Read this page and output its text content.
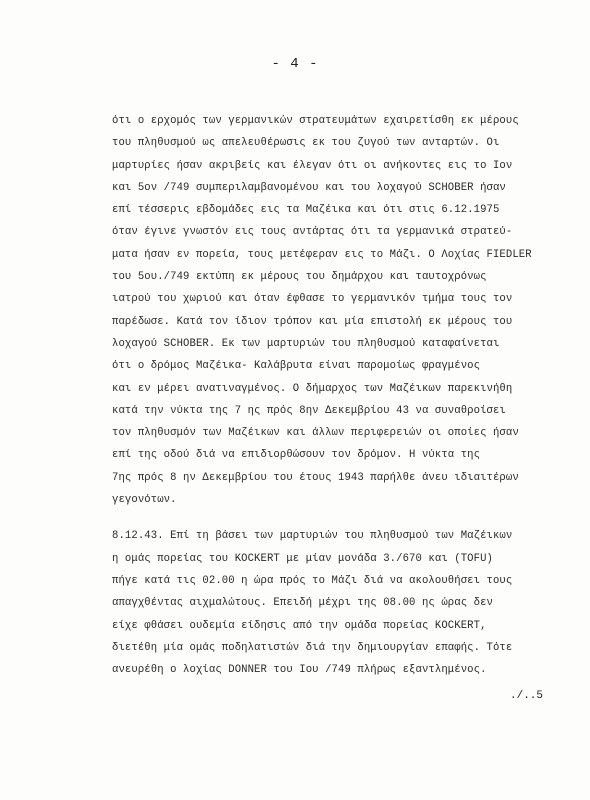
- 4 -
ότι ο ερχομός των γερμανικών στρατευμάτων εχαιρετίσθη εκ μέρους
του πληθυσμού ως απελευθέρωσις εκ του ζυγού των ανταρτών. Οι
μαρτυρίες ήσαν ακριβείς και έλεγαν ότι οι ανήκοντες εις το Ιον
και 5ον /749 συμπεριλαμβανομένου και του λοχαγού SCHOBER ήσαν
επί τέσσερις εβδομάδες εις τα Μαζέικα και ότι στις 6.12.1975
όταν έγινε γνωστόν εις τους αντάρτας ότι τα γερμανικά στρατεύ-
ματα ήσαν εν πορεία, τους μετέφεραν εις το Μάζι. Ο Λοχίας FIEDLER
του 5ου./749 εκτύπη εκ μέρους του δημάρχου και ταυτοχρόνως
ιατρού του χωριού και όταν έφθασε το γερμανικόν τμήμα τους τον
παρέδωσε. Κατά τον ίδιον τρόπον και μία επιστολή εκ μέρους του
λοχαγού SCHOBER. Εκ των μαρτυριών του πληθυσμού καταφαίνεται
ότι ο δρόμος Μαζέικα- Καλάβρυτα είναι παρομοίως φραγμένος
και εν μέρει ανατιναγμένος. Ο δήμαρχος των Μαζέικων παρεκινήθη
κατά την νύκτα της 7 ης πρός 8ην Δεκεμβρίου 43 να συναθροίσει
τον πληθυσμόν των Μαζέικων και άλλων περιφερειών οι οποίες ήσαν
επί της οδού διά να επιδιορθώσουν τον δρόμον. Η νύκτα της
7ης πρός 8 ην Δεκεμβρίου του έτους 1943 παρήλθε άνευ ιδιαιτέρων
γεγονότων.
8.12.43. Επί τη βάσει των μαρτυριών του πληθυσμού των Μαζέικων
η ομάς πορείας του KOCKERT με μίαν μονάδα 3./670 και (TOFU)
πήγε κατά τις 02.00 η ώρα πρός το Μάζι διά να ακολουθήσει τους
απαγχθέντας αιχμαλώτους. Επειδή μέχρι της 08.00 ης ώρας δεν
είχε φθάσει ουδεμία είδησις από την ομάδα πορείας KOCKERT,
διετέθη μία ομάς ποδηλατιστών διά την δημιουργίαν επαφής. Τότε
ανευρέθη ο λοχίας DONNER του Ιου /749 πλήρως εξαντλημένος.
./..5
